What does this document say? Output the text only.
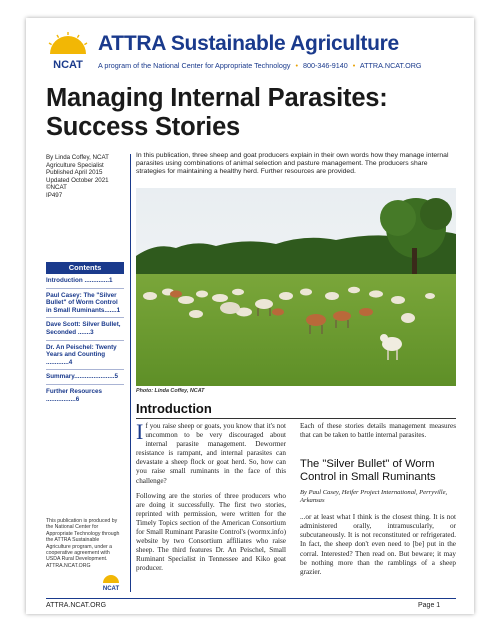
NCAT
ATTRA Sustainable Agriculture
A program of the National Center for Appropriate Technology • 800-346-9140 • ATTRA.NCAT.ORG
Managing Internal Parasites:
Success Stories
By Linda Coffey, NCAT
Agriculture Specialist
Published April 2015
Updated October 2021
©NCAT
IP497
Contents
Introduction ..............1
Paul Casey: The "Silver Bullet" of Worm Control in Small Ruminants.......1
Dave Scott: Silver Bullet, Seconded .......3
Dr. An Peischel: Twenty Years and Counting .............4
Summary.......................5
Further Resources .................6
This publication is produced by the National Center for Appropriate Technology through the ATTRA Sustainable Agriculture program, under a cooperative agreement with USDA Rural Development. ATTRA.NCAT.ORG
NCAT
In this publication, three sheep and goat producers explain in their own words how they manage internal parasites using combinations of animal selection and pasture management. The producers share strategies for maintaining a healthy herd. Further resources are provided.
Photo: Linda Coffey, NCAT
Introduction

If you raise sheep or goats, you know that it's not uncommon to be very discouraged about internal parasite management. Dewormer resistance is rampant, and internal parasites can devastate a sheep flock or goat herd. So, how can you raise small ruminants in the face of this challenge?

Following are the stories of three producers who are doing it successfully. The first two stories, reprinted with permission, were written for the Timely Topics section of the American Consortium for Small Ruminant Parasite Control's (wormx.info) website by two Consortium affiliates who raise sheep. The third features Dr. An Peischel, Small Ruminant Specialist in Tennessee and Kiko goat producer.

Each of these stories details management measures that can be taken to battle internal parasites.

The "Silver Bullet" of Worm Control in Small Ruminants
By Paul Casey, Heifer Project International, Perryville, Arkansas

...or at least what I think is the closest thing. It is not administered orally, intramuscularly, or subcutaneously. It is not reconstituted or refrigerated. In fact, the sheep don't even need to [be] put in the corral. Interested? Then read on. But beware; it may be nothing more than the ramblings of a sheep grazier.

ATTRA.NCAT.ORG	Page 1
